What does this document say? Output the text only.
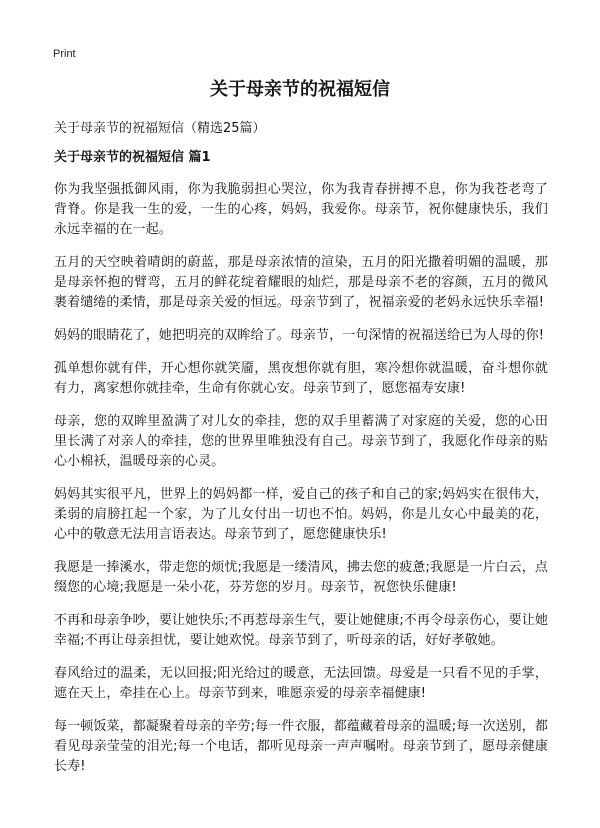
Print
关于母亲节的祝福短信

关于母亲节的祝福短信（精选25篇）

关于母亲节的祝福短信 篇1

你为我坚强抵御风雨，你为我脆弱担心哭泣，你为我青春拼搏不息，你为我苍老弯了背脊。你是我一生的爱，一生的心疼，妈妈，我爱你。母亲节，祝你健康快乐，我们永远幸福的在一起。

五月的天空映着晴朗的蔚蓝，那是母亲浓情的渲染，五月的阳光撒着明媚的温暖，那是母亲怀抱的臂弯，五月的鲜花绽着耀眼的灿烂，那是母亲不老的容颜，五月的微风裹着缱绻的柔情，那是母亲关爱的恒远。母亲节到了，祝福亲爱的老妈永远快乐幸福!

妈妈的眼睛花了，她把明亮的双眸给了。母亲节，一句深情的祝福送给已为人母的你!

孤单想你就有伴，开心想你就笑靥，黑夜想你就有胆，寒冷想你就温暖，奋斗想你就有力，离家想你就挂牵，生命有你就心安。母亲节到了，愿您福寿安康!

母亲，您的双眸里盈满了对儿女的牵挂，您的双手里蓄满了对家庭的关爱，您的心田里长满了对亲人的牵挂，您的世界里唯独没有自己。母亲节到了，我愿化作母亲的贴心小棉袄，温暖母亲的心灵。

妈妈其实很平凡，世界上的妈妈都一样，爱自己的孩子和自己的家;妈妈实在很伟大，柔弱的肩膀扛起一个家，为了儿女付出一切也不怕。妈妈，你是儿女心中最美的花，心中的敬意无法用言语表达。母亲节到了，愿您健康快乐!

我愿是一捧溪水，带走您的烦忧;我愿是一缕清风，拂去您的疲惫;我愿是一片白云，点缀您的心境;我愿是一朵小花，芬芳您的岁月。母亲节，祝您快乐健康!

不再和母亲争吵，要让她快乐;不再惹母亲生气，要让她健康;不再令母亲伤心，要让她幸福;不再让母亲担忧，要让她欢悦。母亲节到了，听母亲的话，好好孝敬她。

春风给过的温柔，无以回报;阳光给过的暖意，无法回馈。母爱是一只看不见的手掌，遮在天上，牵挂在心上。母亲节到来，唯愿亲爱的母亲幸福健康!

每一顿饭菜，都凝聚着母亲的辛劳;每一件衣服，都蕴藏着母亲的温暖;每一次送别，都看见母亲莹莹的泪光;每一个电话，都听见母亲一声声嘱咐。母亲节到了，愿母亲健康长寿!
